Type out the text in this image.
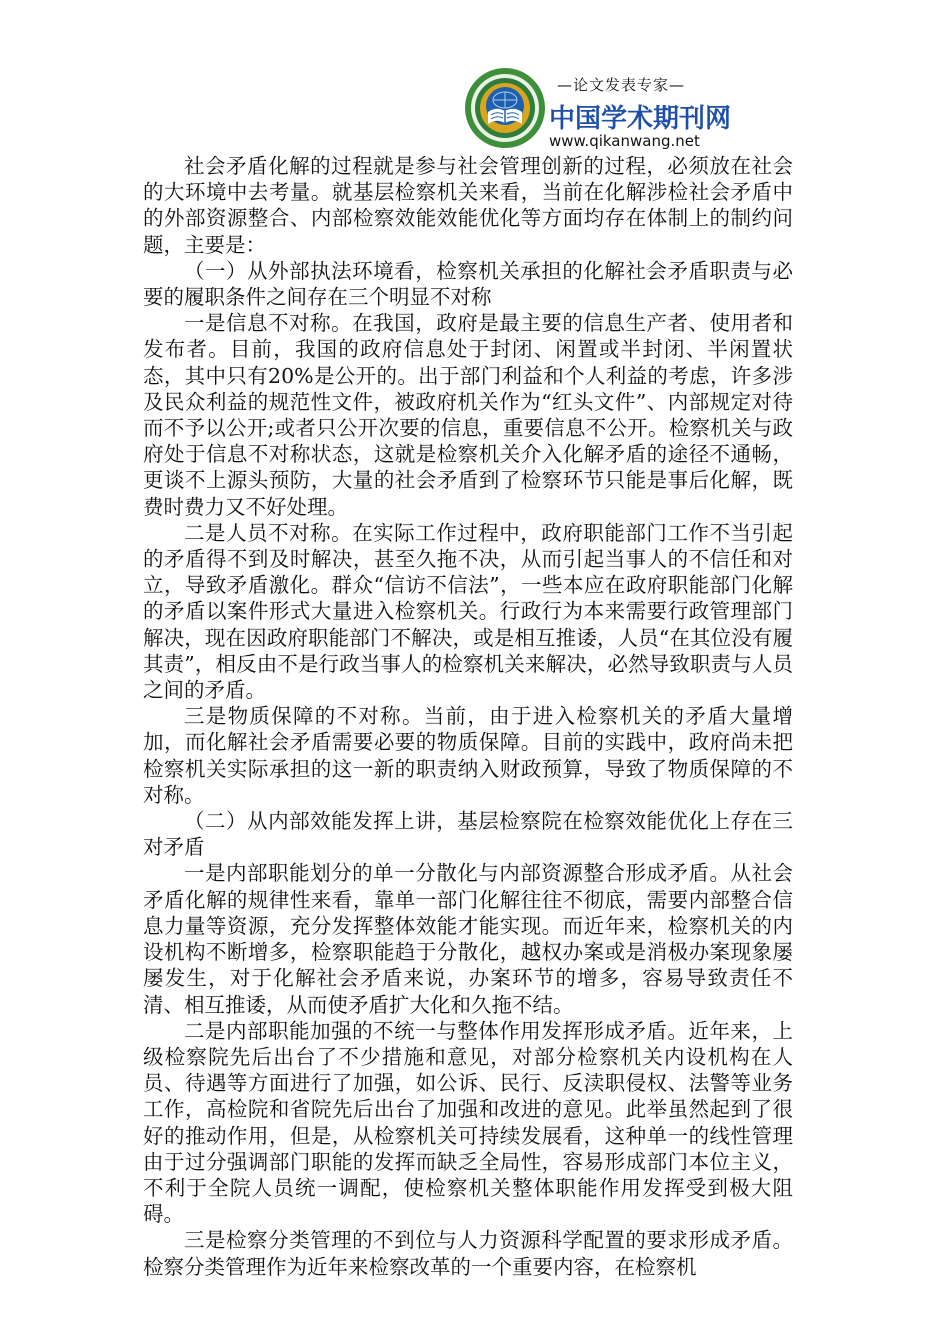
—论文发表专家—
中国学术期刊网
www.qikanwang.net

社会矛盾化解的过程就是参与社会管理创新的过程，必须放在社会的大环境中去考量。就基层检察机关来看，当前在化解涉检社会矛盾中的外部资源整合、内部检察效能效能优化等方面均存在体制上的制约问题，主要是：

（一）从外部执法环境看，检察机关承担的化解社会矛盾职责与必要的履职条件之间存在三个明显不对称

一是信息不对称。在我国，政府是最主要的信息生产者、使用者和发布者。目前，我国的政府信息处于封闭、闲置或半封闭、半闲置状态，其中只有20%是公开的。出于部门利益和个人利益的考虑，许多涉及民众利益的规范性文件，被政府机关作为“红头文件”、内部规定对待而不予以公开;或者只公开次要的信息，重要信息不公开。检察机关与政府处于信息不对称状态，这就是检察机关介入化解矛盾的途径不通畅，更谈不上源头预防，大量的社会矛盾到了检察环节只能是事后化解，既费时费力又不好处理。

二是人员不对称。在实际工作过程中，政府职能部门工作不当引起的矛盾得不到及时解决，甚至久拖不决，从而引起当事人的不信任和对立，导致矛盾激化。群众“信访不信法”，一些本应在政府职能部门化解的矛盾以案件形式大量进入检察机关。行政行为本来需要行政管理部门解决，现在因政府职能部门不解决，或是相互推诿，人员“在其位没有履其责”，相反由不是行政当事人的检察机关来解决，必然导致职责与人员之间的矛盾。

三是物质保障的不对称。当前，由于进入检察机关的矛盾大量增加，而化解社会矛盾需要必要的物质保障。目前的实践中，政府尚未把检察机关实际承担的这一新的职责纳入财政预算，导致了物质保障的不对称。

（二）从内部效能发挥上讲，基层检察院在检察效能优化上存在三对矛盾

一是内部职能划分的单一分散化与内部资源整合形成矛盾。从社会矛盾化解的规律性来看，靠单一部门化解往往不彻底，需要内部整合信息力量等资源，充分发挥整体效能才能实现。而近年来，检察机关的内设机构不断增多，检察职能趋于分散化，越权办案或是消极办案现象屡屡发生，对于化解社会矛盾来说，办案环节的增多，容易导致责任不清、相互推诿，从而使矛盾扩大化和久拖不结。

二是内部职能加强的不统一与整体作用发挥形成矛盾。近年来，上级检察院先后出台了不少措施和意见，对部分检察机关内设机构在人员、待遇等方面进行了加强，如公诉、民行、反渎职侵权、法警等业务工作，高检院和省院先后出台了加强和改进的意见。此举虽然起到了很好的推动作用，但是，从检察机关可持续发展看，这种单一的线性管理由于过分强调部门职能的发挥而缺乏全局性，容易形成部门本位主义，不利于全院人员统一调配，使检察机关整体职能作用发挥受到极大阻碍。

三是检察分类管理的不到位与人力资源科学配置的要求形成矛盾。检察分类管理作为近年来检察改革的一个重要内容，在检察机
